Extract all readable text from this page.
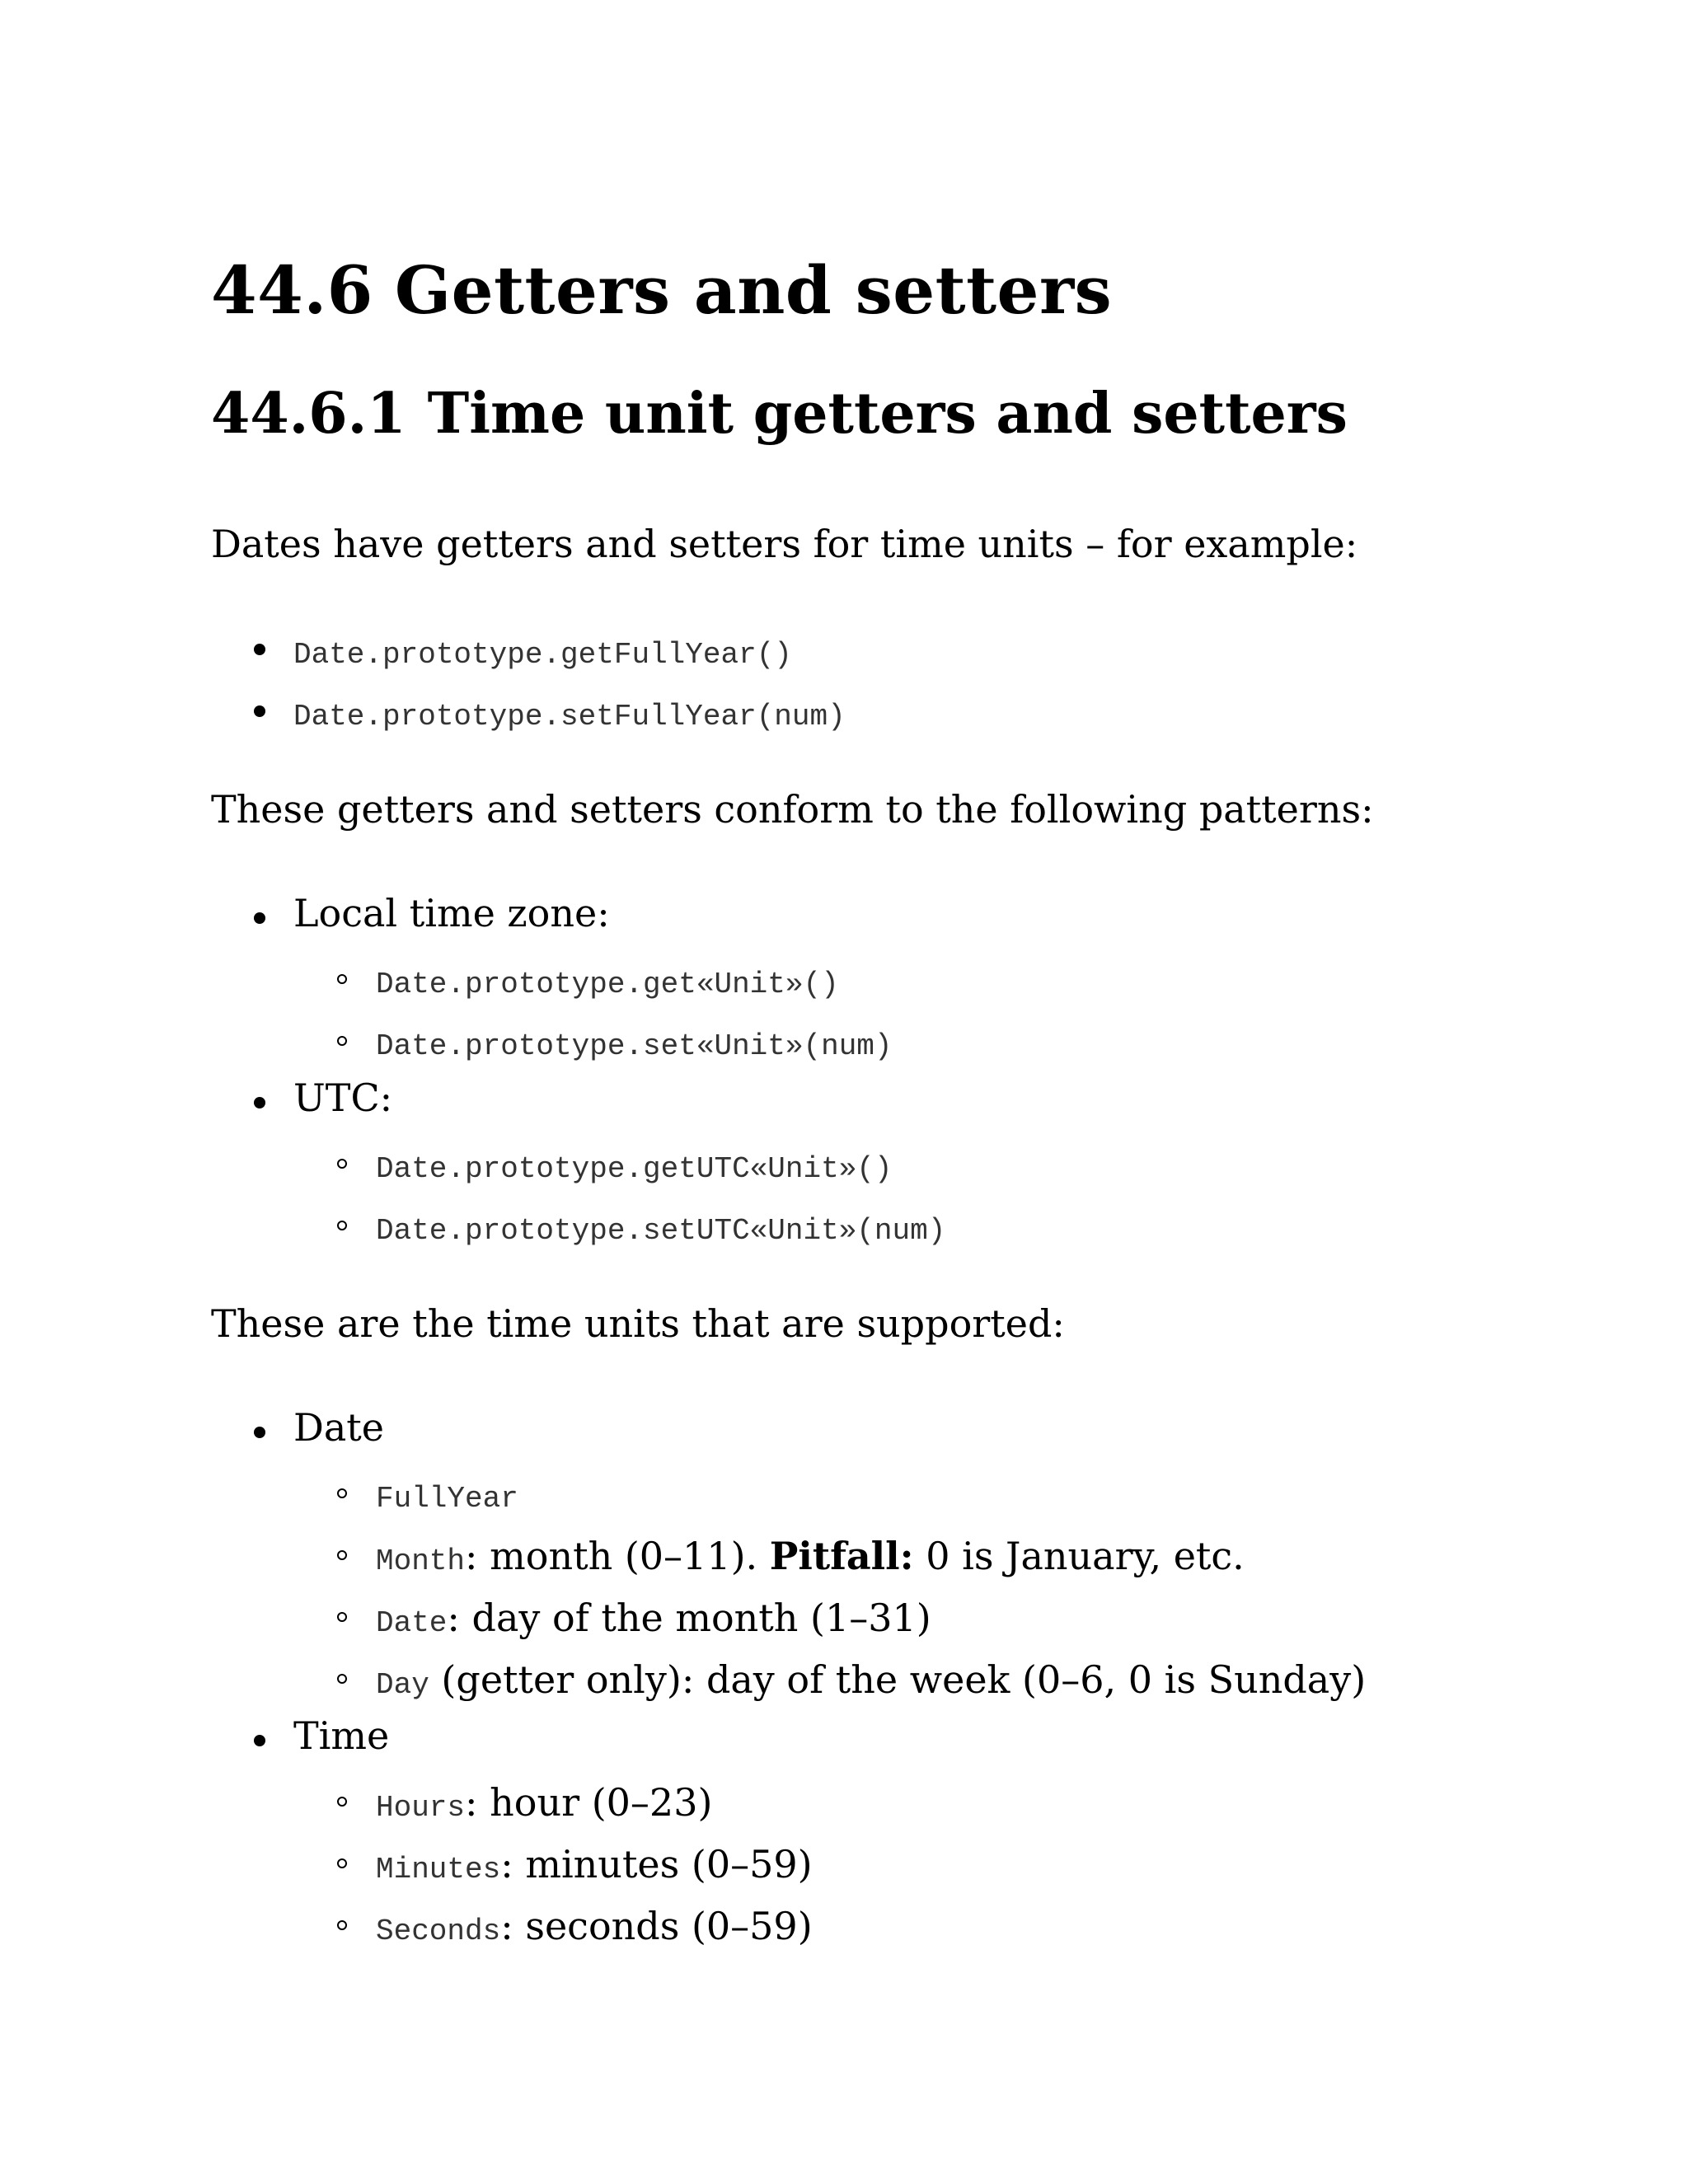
44.6 Getters and setters
44.6.1 Time unit getters and setters

Dates have getters and setters for time units – for example:

Date.prototype.getFullYear()
Date.prototype.setFullYear(num)

These getters and setters conform to the following patterns:

Local time zone:
Date.prototype.get«Unit»()
Date.prototype.set«Unit»(num)
UTC:
Date.prototype.getUTC«Unit»()
Date.prototype.setUTC«Unit»(num)

These are the time units that are supported:

Date
FullYear
Month: month (0–11). Pitfall: 0 is January, etc.
Date: day of the month (1–31)
Day (getter only): day of the week (0–6, 0 is Sunday)
Time
Hours: hour (0–23)
Minutes: minutes (0–59)
Seconds: seconds (0–59)
